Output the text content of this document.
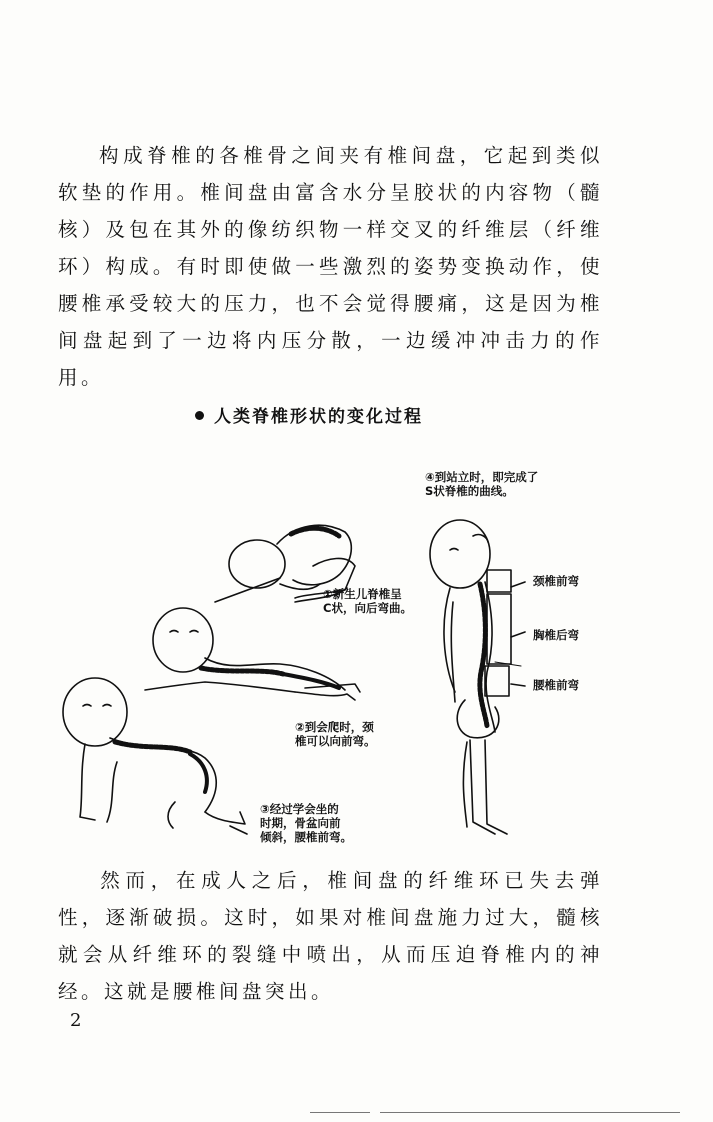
构成脊椎的各椎骨之间夹有椎间盘，它起到类似软垫的作用。椎间盘由富含水分呈胶状的内容物（髓核）及包在其外的像纺织物一样交叉的纤维层（纤维环）构成。有时即使做一些激烈的姿势变换动作，使腰椎承受较大的压力，也不会觉得腰痛，这是因为椎间盘起到了一边将内压分散，一边缓冲冲击力的作用。

人类脊椎形状的变化过程

①新生儿脊椎呈
C状，向后弯曲。

②到会爬时，颈
椎可以向前弯。

③经过学会坐的
时期，骨盆向前
倾斜，腰椎前弯。

④到站立时，即完成了
S状脊椎的曲线。

颈椎前弯

胸椎后弯

腰椎前弯

然而，在成人之后，椎间盘的纤维环已失去弹性，逐渐破损。这时，如果对椎间盘施力过大，髓核就会从纤维环的裂缝中喷出，从而压迫脊椎内的神经。这就是腰椎间盘突出。

2
